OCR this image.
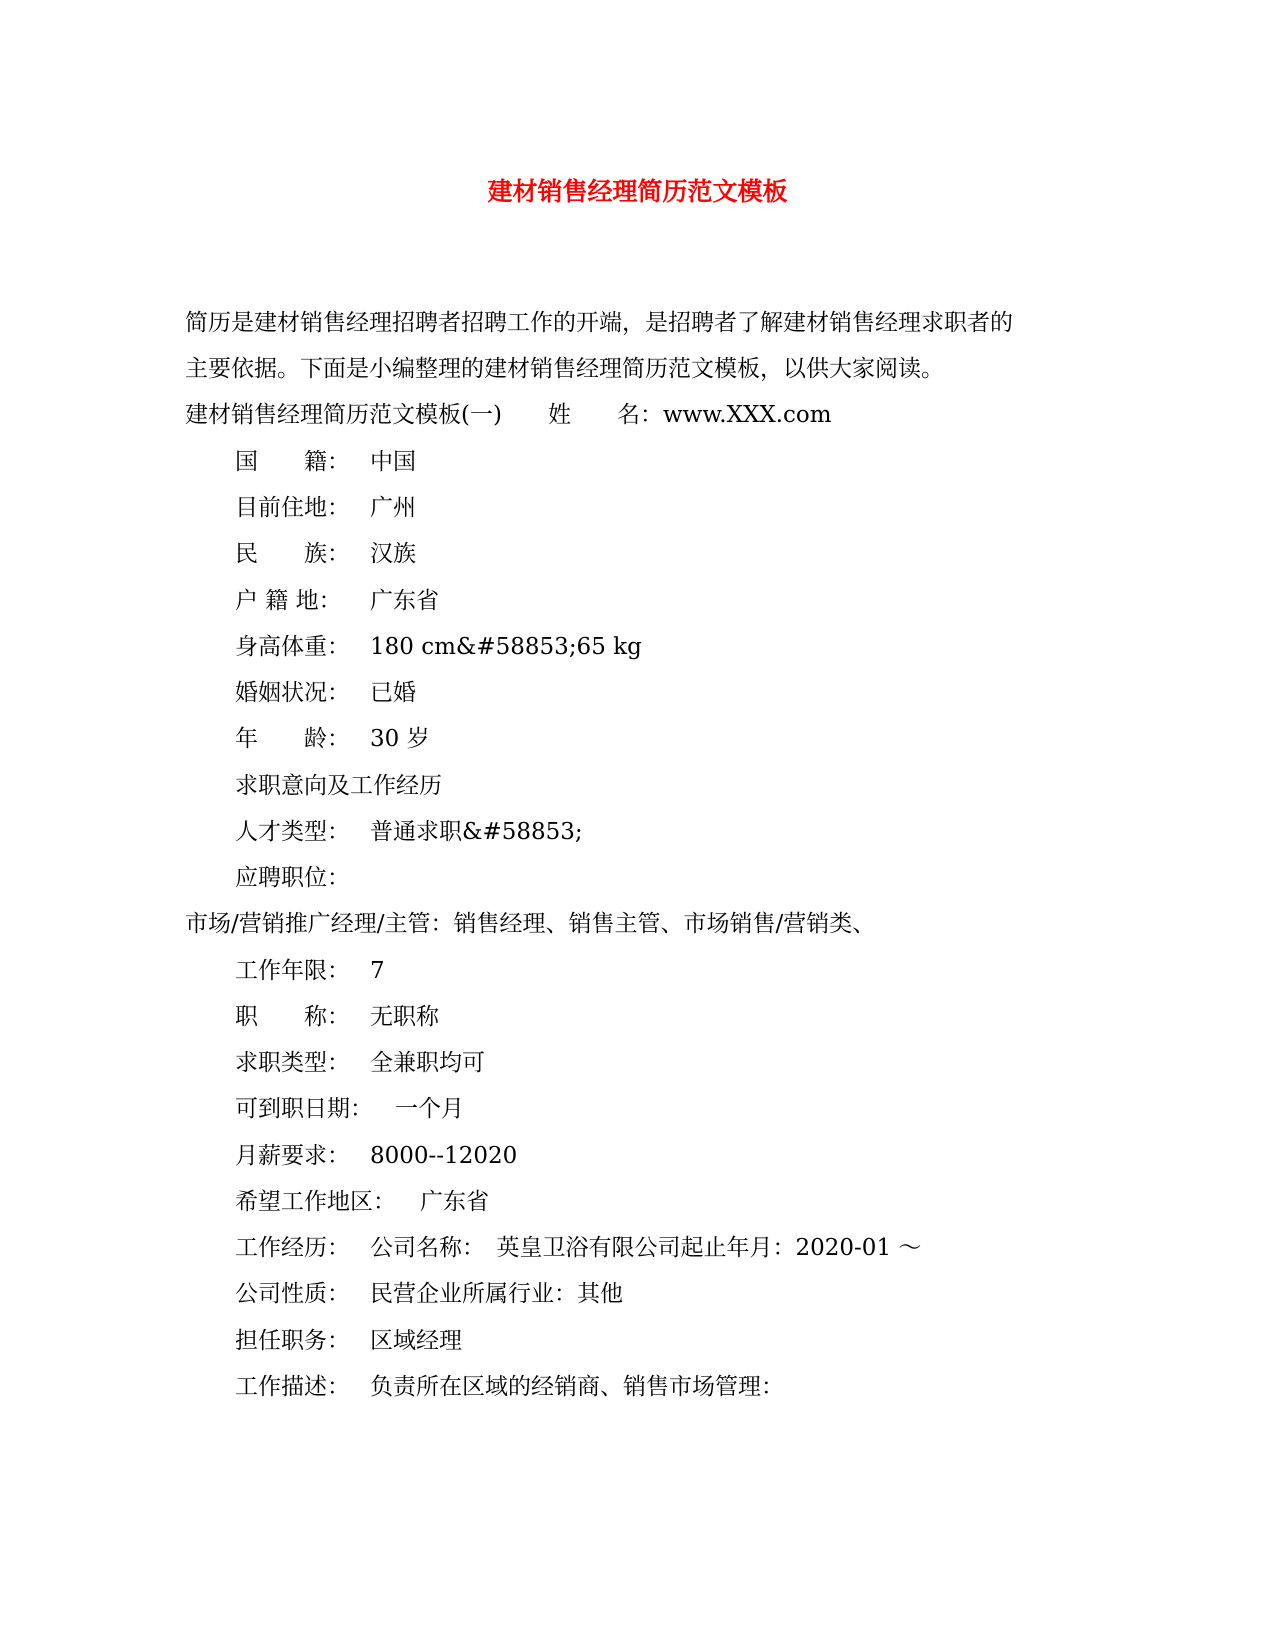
建材销售经理简历范文模板
简历是建材销售经理招聘者招聘工作的开端，是招聘者了解建材销售经理求职者的
主要依据。下面是小编整理的建材销售经理简历范文模板，以供大家阅读。
建材销售经理简历范文模板(一)　　姓　　名：www.XXX.com
国　　籍： 中国
目前住地： 广州
民　　族： 汉族
户 籍 地： 广东省
身高体重： 180 cm&#58853;65 kg
婚姻状况： 已婚
年　　龄： 30 岁
求职意向及工作经历
人才类型： 普通求职&#58853;
应聘职位：
市场/营销推广经理/主管：销售经理、销售主管、市场销售/营销类、
工作年限： 7
职　　称： 无职称
求职类型： 全兼职均可
可到职日期： 一个月
月薪要求： 8000--12020
希望工作地区： 广东省
工作经历： 公司名称：　英皇卫浴有限公司起止年月：2020-01 ～
公司性质： 民营企业所属行业：其他
担任职务： 区域经理
工作描述： 负责所在区域的经销商、销售市场管理：
